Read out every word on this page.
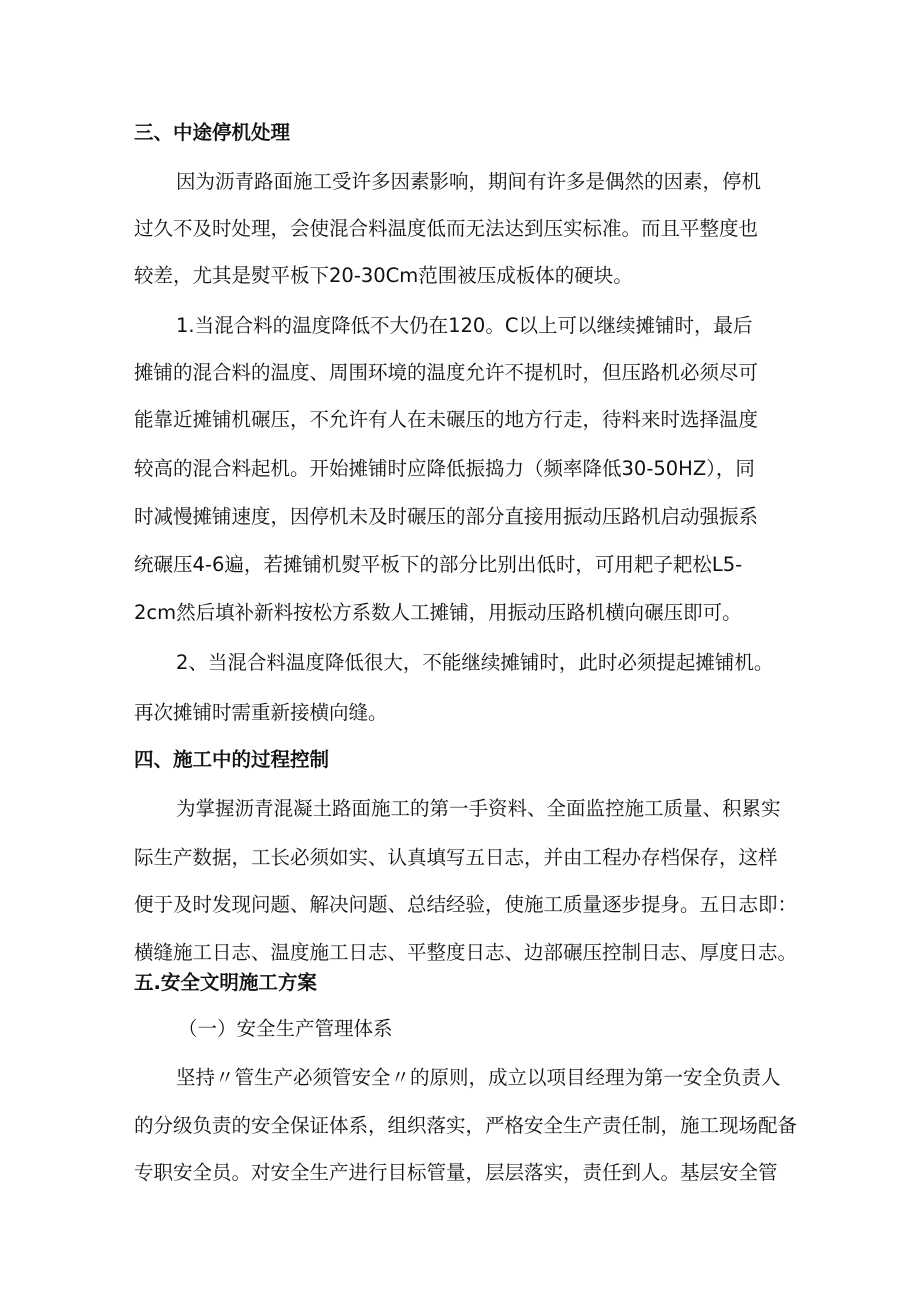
三、中途停机处理
因为沥青路面施工受许多因素影响，期间有许多是偶然的因素，停机
过久不及时处理，会使混合料温度低而无法达到压实标准。而且平整度也
较差，尤其是熨平板下20-30Cm范围被压成板体的硬块。
1.当混合料的温度降低不大仍在120。C以上可以继续摊铺时，最后
摊铺的混合料的温度、周围环境的温度允许不提机时，但压路机必须尽可
能靠近摊铺机碾压，不允许有人在未碾压的地方行走，待料来时选择温度
较高的混合料起机。开始摊铺时应降低振捣力（频率降低30-50HZ），同
时减慢摊铺速度，因停机未及时碾压的部分直接用振动压路机启动强振系
统碾压4-6遍，若摊铺机熨平板下的部分比别出低时，可用耙子耙松L5-
2cm然后填补新料按松方系数人工摊铺，用振动压路机横向碾压即可。
2、当混合料温度降低很大，不能继续摊铺时，此时必须提起摊铺机。
再次摊铺时需重新接横向缝。
四、施工中的过程控制
为掌握沥青混凝土路面施工的第一手资料、全面监控施工质量、积累实
际生产数据，工长必须如实、认真填写五日志，并由工程办存档保存，这样
便于及时发现问题、解决问题、总结经验，使施工质量逐步提身。五日志即：
横缝施工日志、温度施工日志、平整度日志、边部碾压控制日志、厚度日志。
五.安全文明施工方案
（一）安全生产管理体系
坚持〃管生产必须管安全〃的原则，成立以项目经理为第一安全负责人
的分级负责的安全保证体系，组织落实，严格安全生产责任制，施工现场配备
专职安全员。对安全生产进行目标管量，层层落实，责任到人。基层安全管
